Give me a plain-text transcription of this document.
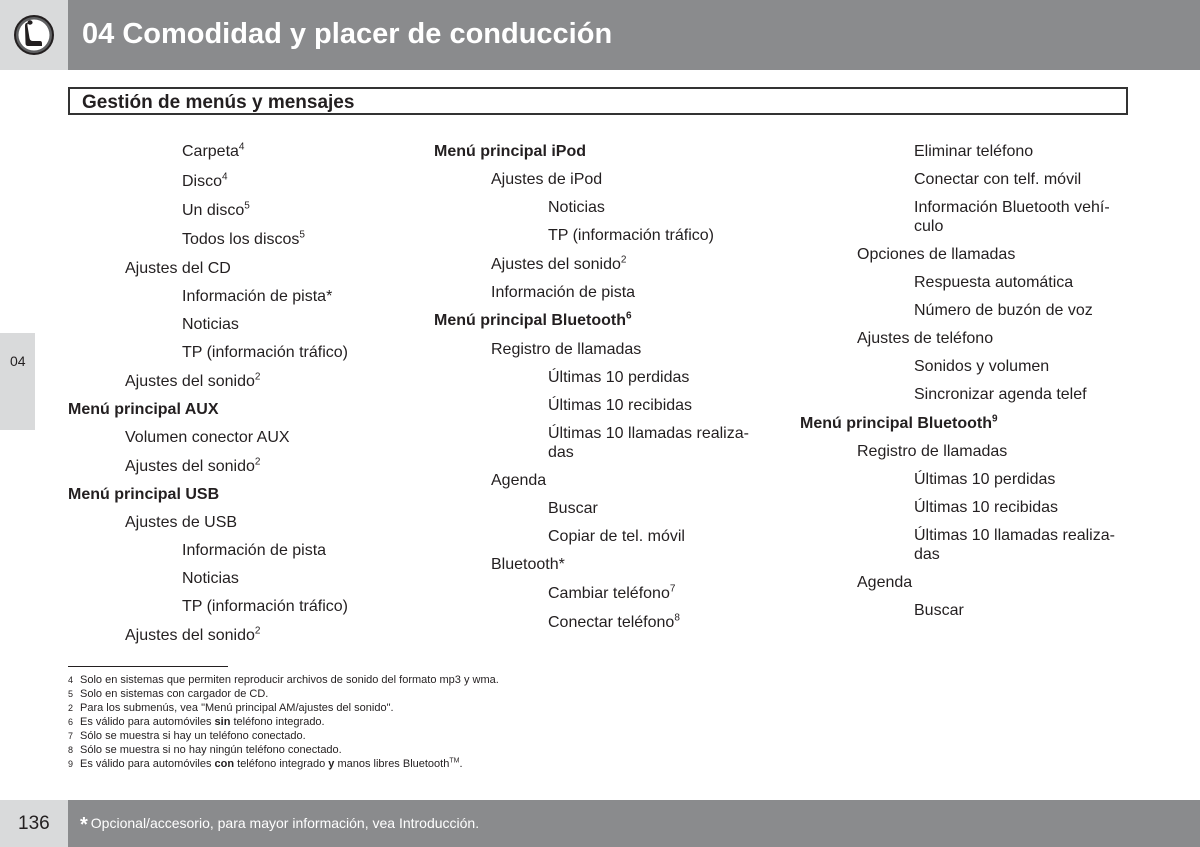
04 Comodidad y placer de conducción
Gestión de menús y mensajes
04
Carpeta$^4$
Disco$^4$
Un disco$^5$
Todos los discos$^5$
Ajustes del CD
Información de pista*
Noticias
TP (información tráfico)
Ajustes del sonido$^2$
Menú principal AUX
Volumen conector AUX
Ajustes del sonido$^2$
Menú principal USB
Ajustes de USB
Información de pista
Noticias
TP (información tráfico)
Ajustes del sonido$^2$
Menú principal iPod
Ajustes de iPod
Noticias
TP (información tráfico)
Ajustes del sonido$^2$
Información de pista
Menú principal Bluetooth$^6$
Registro de llamadas
Últimas 10 perdidas
Últimas 10 recibidas
Últimas 10 llamadas realiza-
das
Agenda
Buscar
Copiar de tel. móvil
Bluetooth*
Cambiar teléfono$^7$
Conectar teléfono$^8$
Eliminar teléfono
Conectar con telf. móvil
Información Bluetooth vehí-
culo
Opciones de llamadas
Respuesta automática
Número de buzón de voz
Ajustes de teléfono
Sonidos y volumen
Sincronizar agenda telef
Menú principal Bluetooth$^9$
Registro de llamadas
Últimas 10 perdidas
Últimas 10 recibidas
Últimas 10 llamadas realiza-
das
Agenda
Buscar
4 Solo en sistemas que permiten reproducir archivos de sonido del formato mp3 y wma.
5 Solo en sistemas con cargador de CD.
2 Para los submenús, vea "Menú principal AM/ajustes del sonido".
6 Es válido para automóviles sin teléfono integrado.
7 Sólo se muestra si hay un teléfono conectado.
8 Sólo se muestra si no hay ningún teléfono conectado.
9 Es válido para automóviles con teléfono integrado y manos libres Bluetooth™.
* Opcional/accesorio, para mayor información, vea Introducción.
136
